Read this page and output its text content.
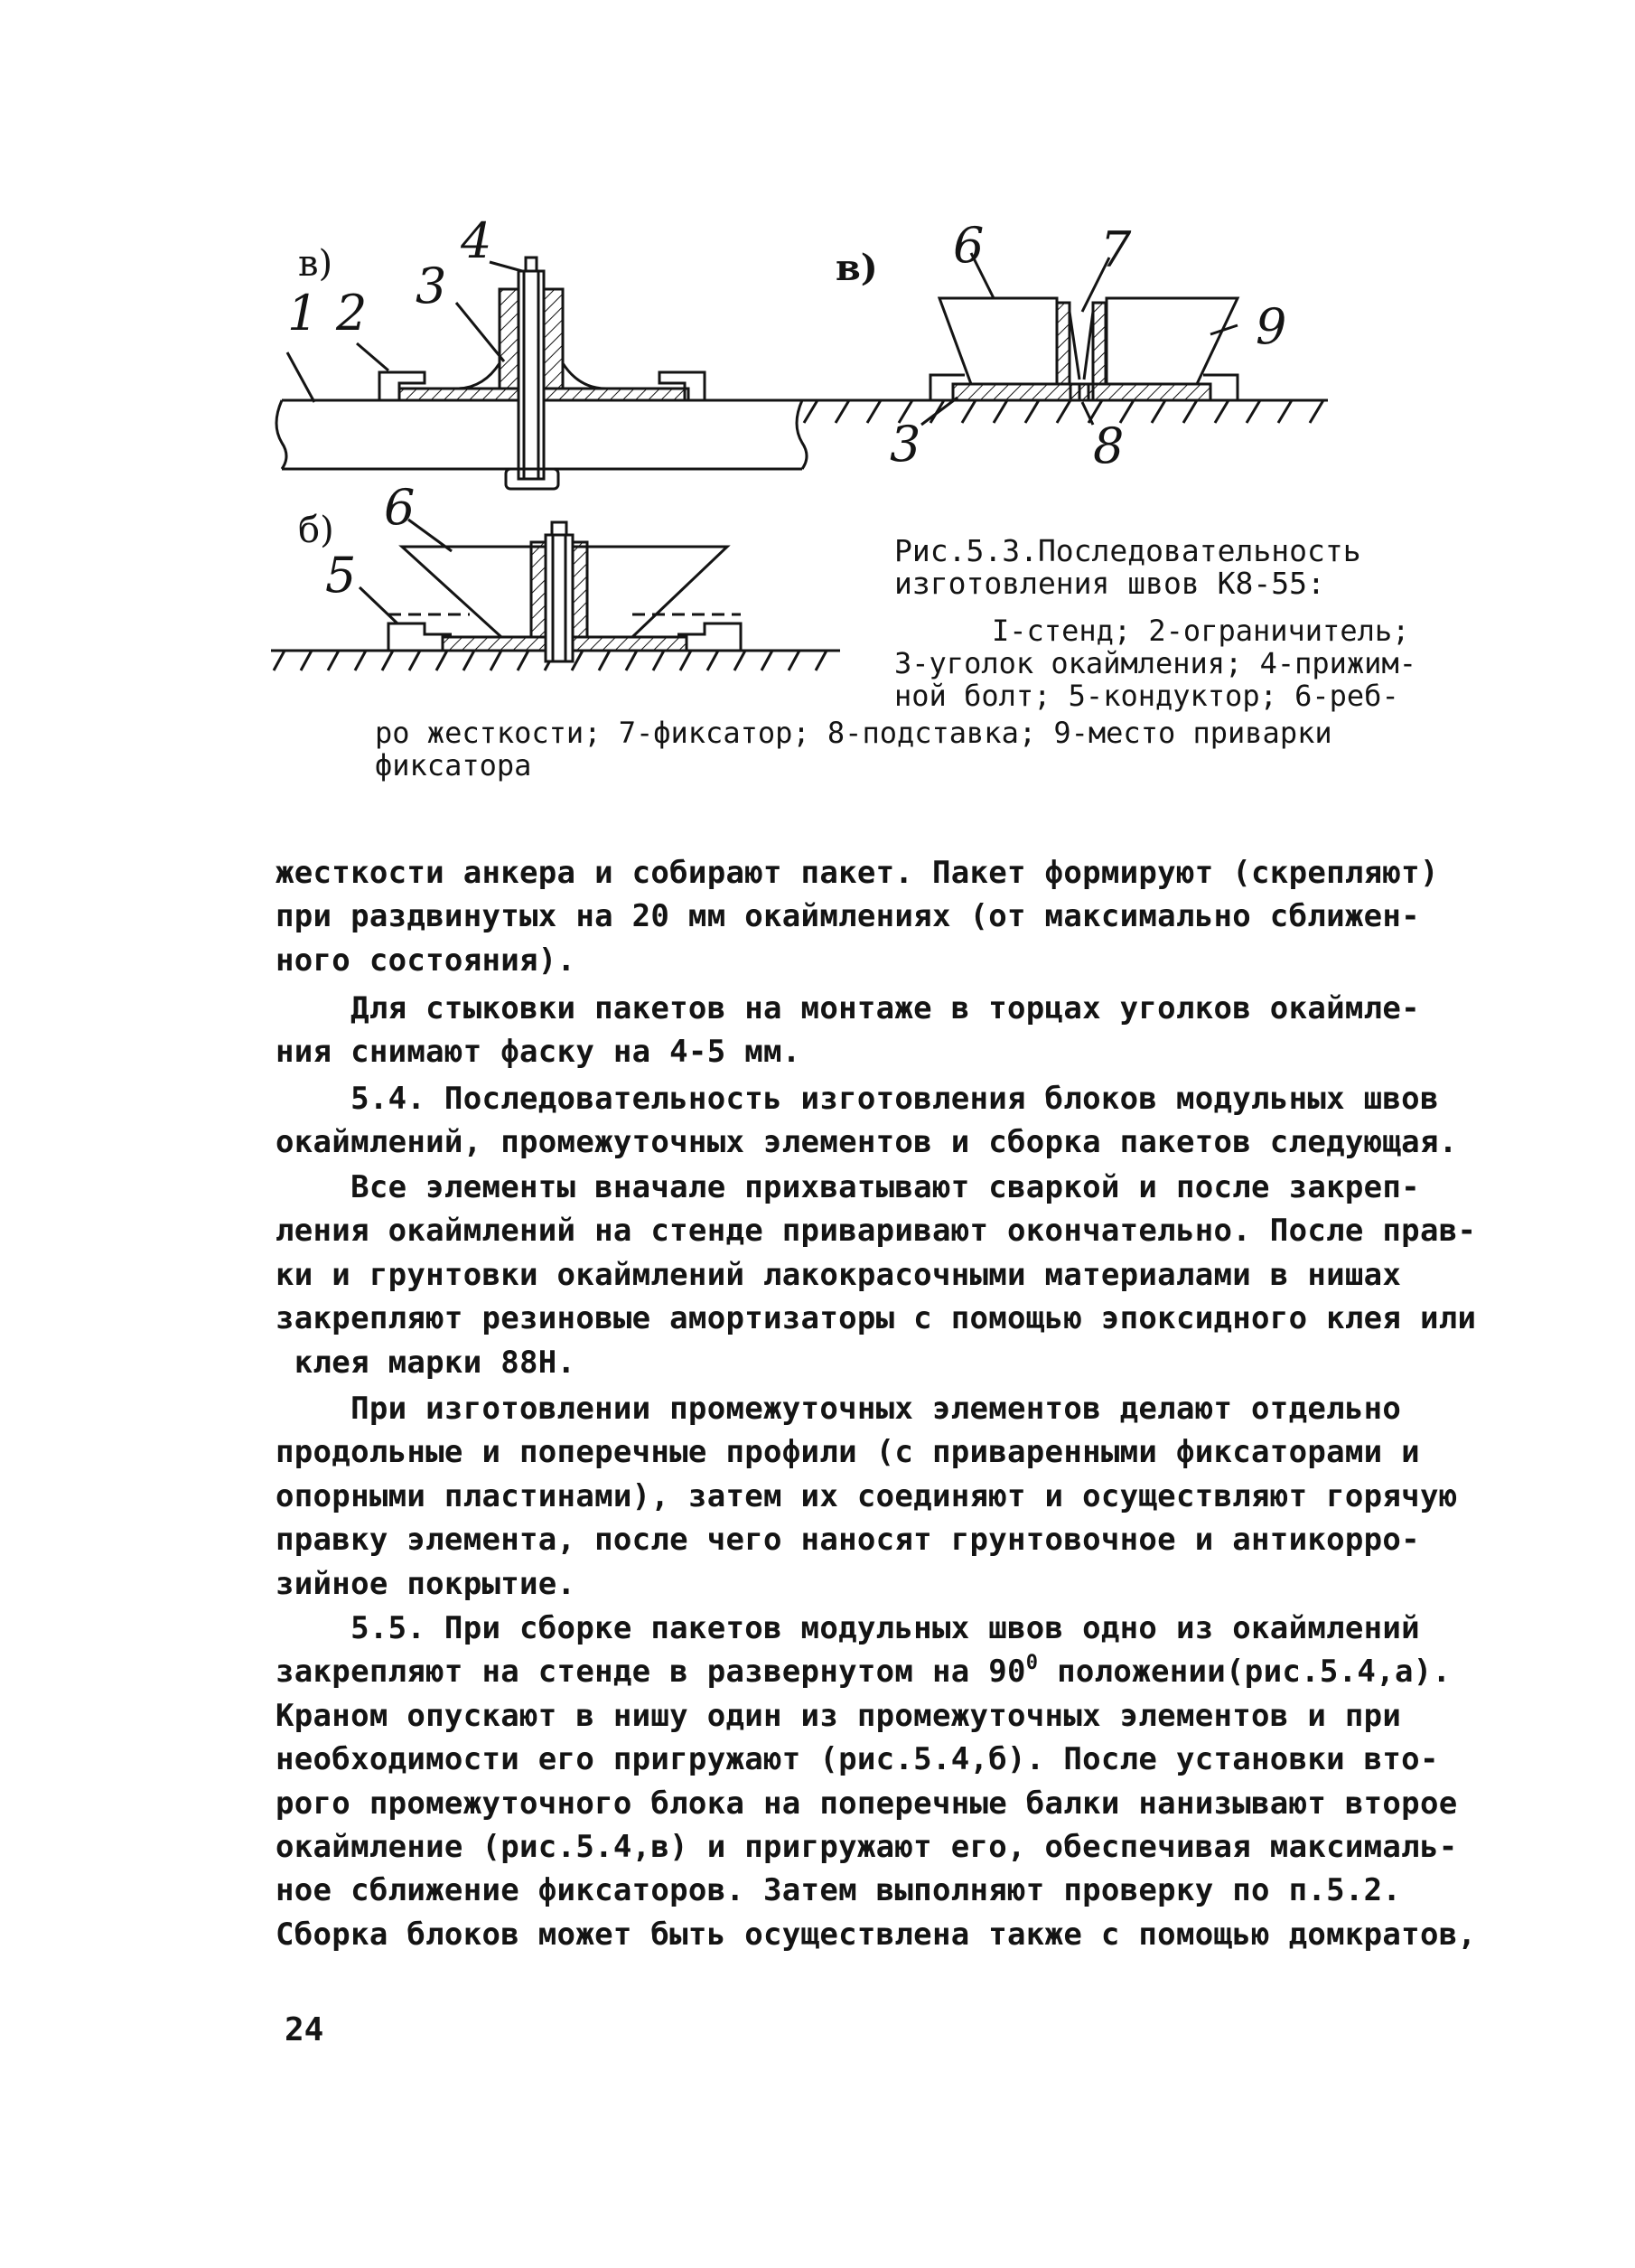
в)	в)
б)
1 2 3
4
5
6
6 7
9
3	8
Рис.5.3.Последовательность
изготовления швов К8-55:
I-стенд; 2-ограничитель;
3-уголок окаймления; 4-прижим-
ной болт; 5-кондуктор; 6-реб-
ро жесткости; 7-фиксатор; 8-подставка; 9-место приварки
фиксатора

жесткости анкера и собирают пакет. Пакет формируют (скрепляют)
при раздвинутых на 20 мм окаймлениях (от максимально сближен-
ного состояния).

Для стыковки пакетов на монтаже в торцах уголков окаймле-
ния снимают фаску на 4-5 мм.

5.4. Последовательность изготовления блоков модульных швов
окаймлений, промежуточных элементов и сборка пакетов следующая.

Все элементы вначале прихватывают сваркой и после закреп-
ления окаймлений на стенде приваривают окончательно. После прав-
ки и грунтовки окаймлений лакокрасочными материалами в нишах
закрепляют резиновые амортизаторы с помощью эпоксидного клея или
клея марки 88Н.

При изготовлении промежуточных элементов делают отдельно
продольные и поперечные профили (с приваренными фиксаторами и
опорными пластинами), затем их соединяют и осуществляют горячую
правку элемента, после чего наносят грунтовочное и антикорро-
зийное покрытие.

5.5. При сборке пакетов модульных швов одно из окаймлений
закрепляют на стенде в развернутом на $90^0$ положении(рис.5.4,а).
Краном опускают в нишу один из промежуточных элементов и при
необходимости его пригружают (рис.5.4,б). После установки вто-
рого промежуточного блока на поперечные балки нанизывают второе
окаймление (рис.5.4,в) и пригружают его, обеспечивая максималь-
ное сближение фиксаторов. Затем выполняют проверку по п.5.2.
Сборка блоков может быть осуществлена также с помощью домкратов,

24
